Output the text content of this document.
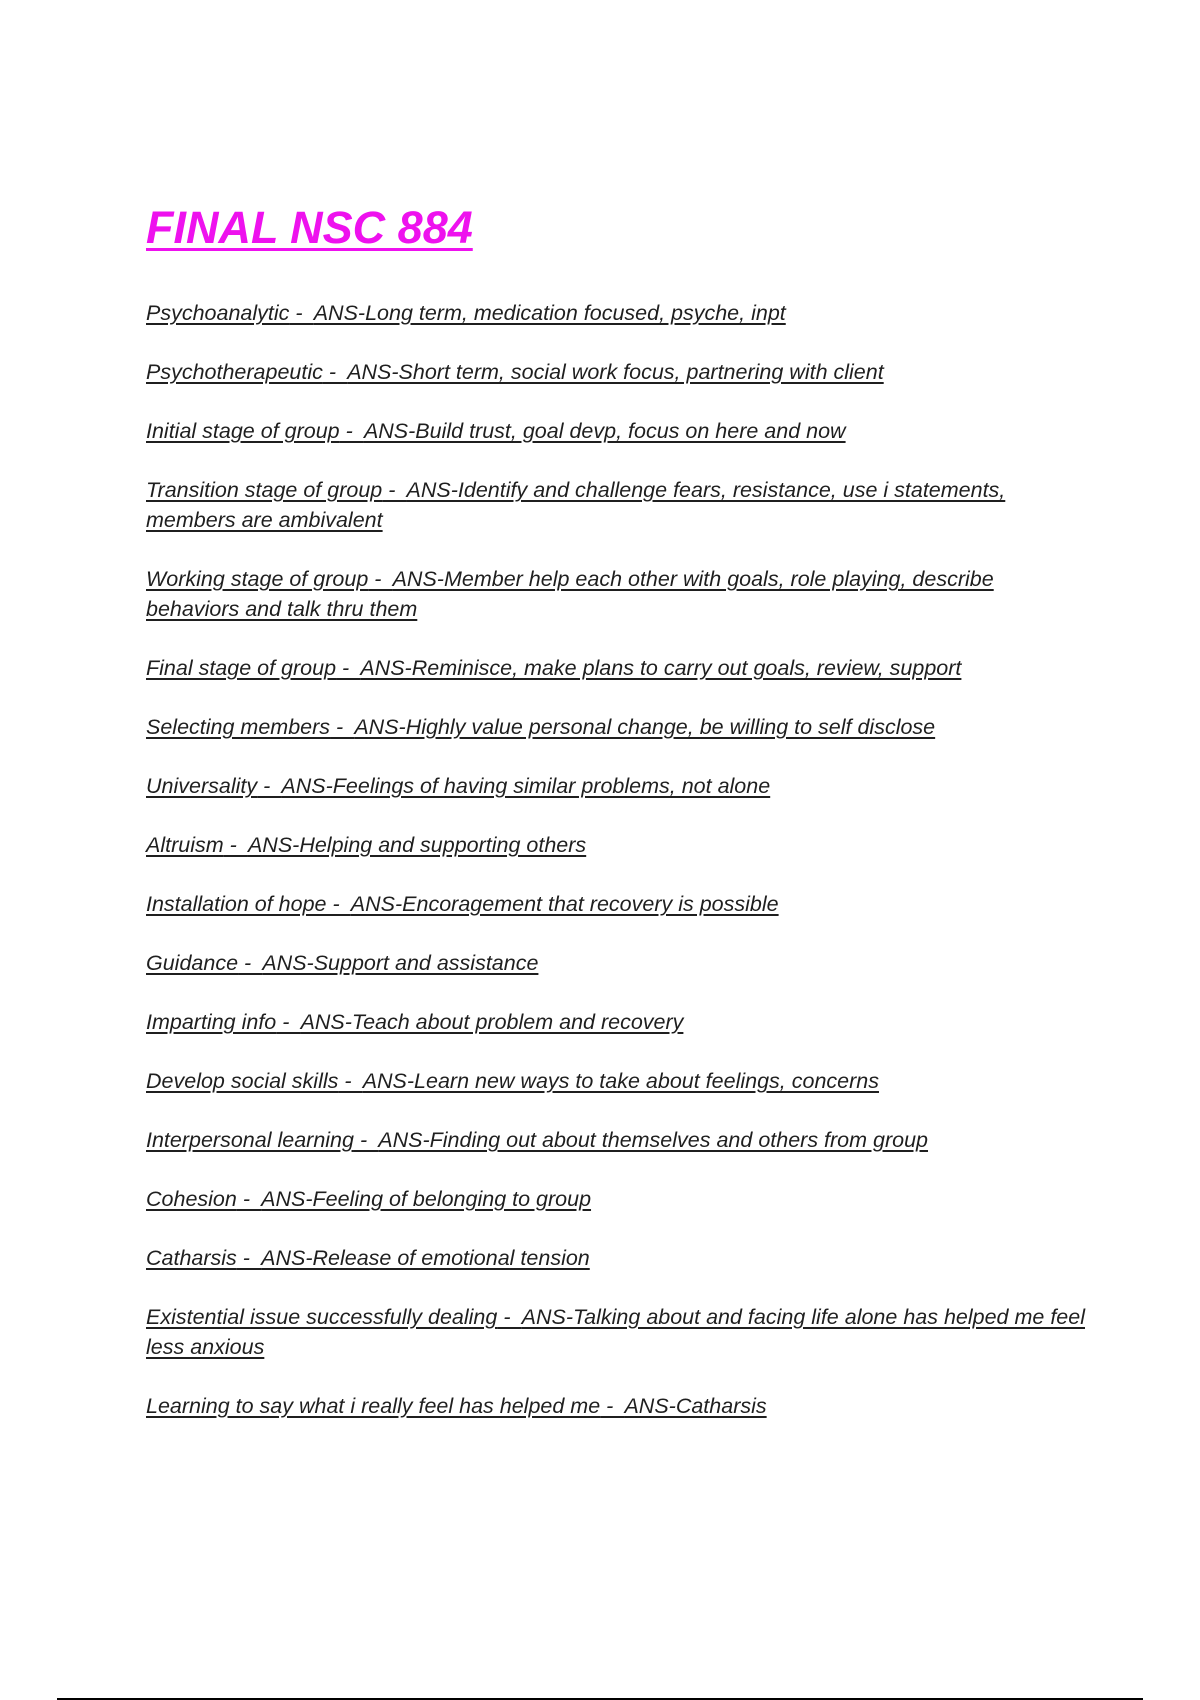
FINAL NSC 884
Psychoanalytic -  ANS-Long term, medication focused, psyche, inpt
Psychotherapeutic -  ANS-Short term, social work focus, partnering with client
Initial stage of group -  ANS-Build trust, goal devp, focus on here and now
Transition stage of group -  ANS-Identify and challenge fears, resistance, use i statements, members are ambivalent
Working stage of group -  ANS-Member help each other with goals, role playing, describe behaviors and talk thru them
Final stage of group -  ANS-Reminisce, make plans to carry out goals, review, support
Selecting members -  ANS-Highly value personal change, be willing to self disclose
Universality -  ANS-Feelings of having similar problems, not alone
Altruism -  ANS-Helping and supporting others
Installation of hope -  ANS-Encoragement that recovery is possible
Guidance -  ANS-Support and assistance
Imparting info -  ANS-Teach about problem and recovery
Develop social skills -  ANS-Learn new ways to take about feelings, concerns
Interpersonal learning -  ANS-Finding out about themselves and others from group
Cohesion -  ANS-Feeling of belonging to group
Catharsis -  ANS-Release of emotional tension
Existential issue successfully dealing -  ANS-Talking about and facing life alone has helped me feel less anxious
Learning to say what i really feel has helped me -  ANS-Catharsis
